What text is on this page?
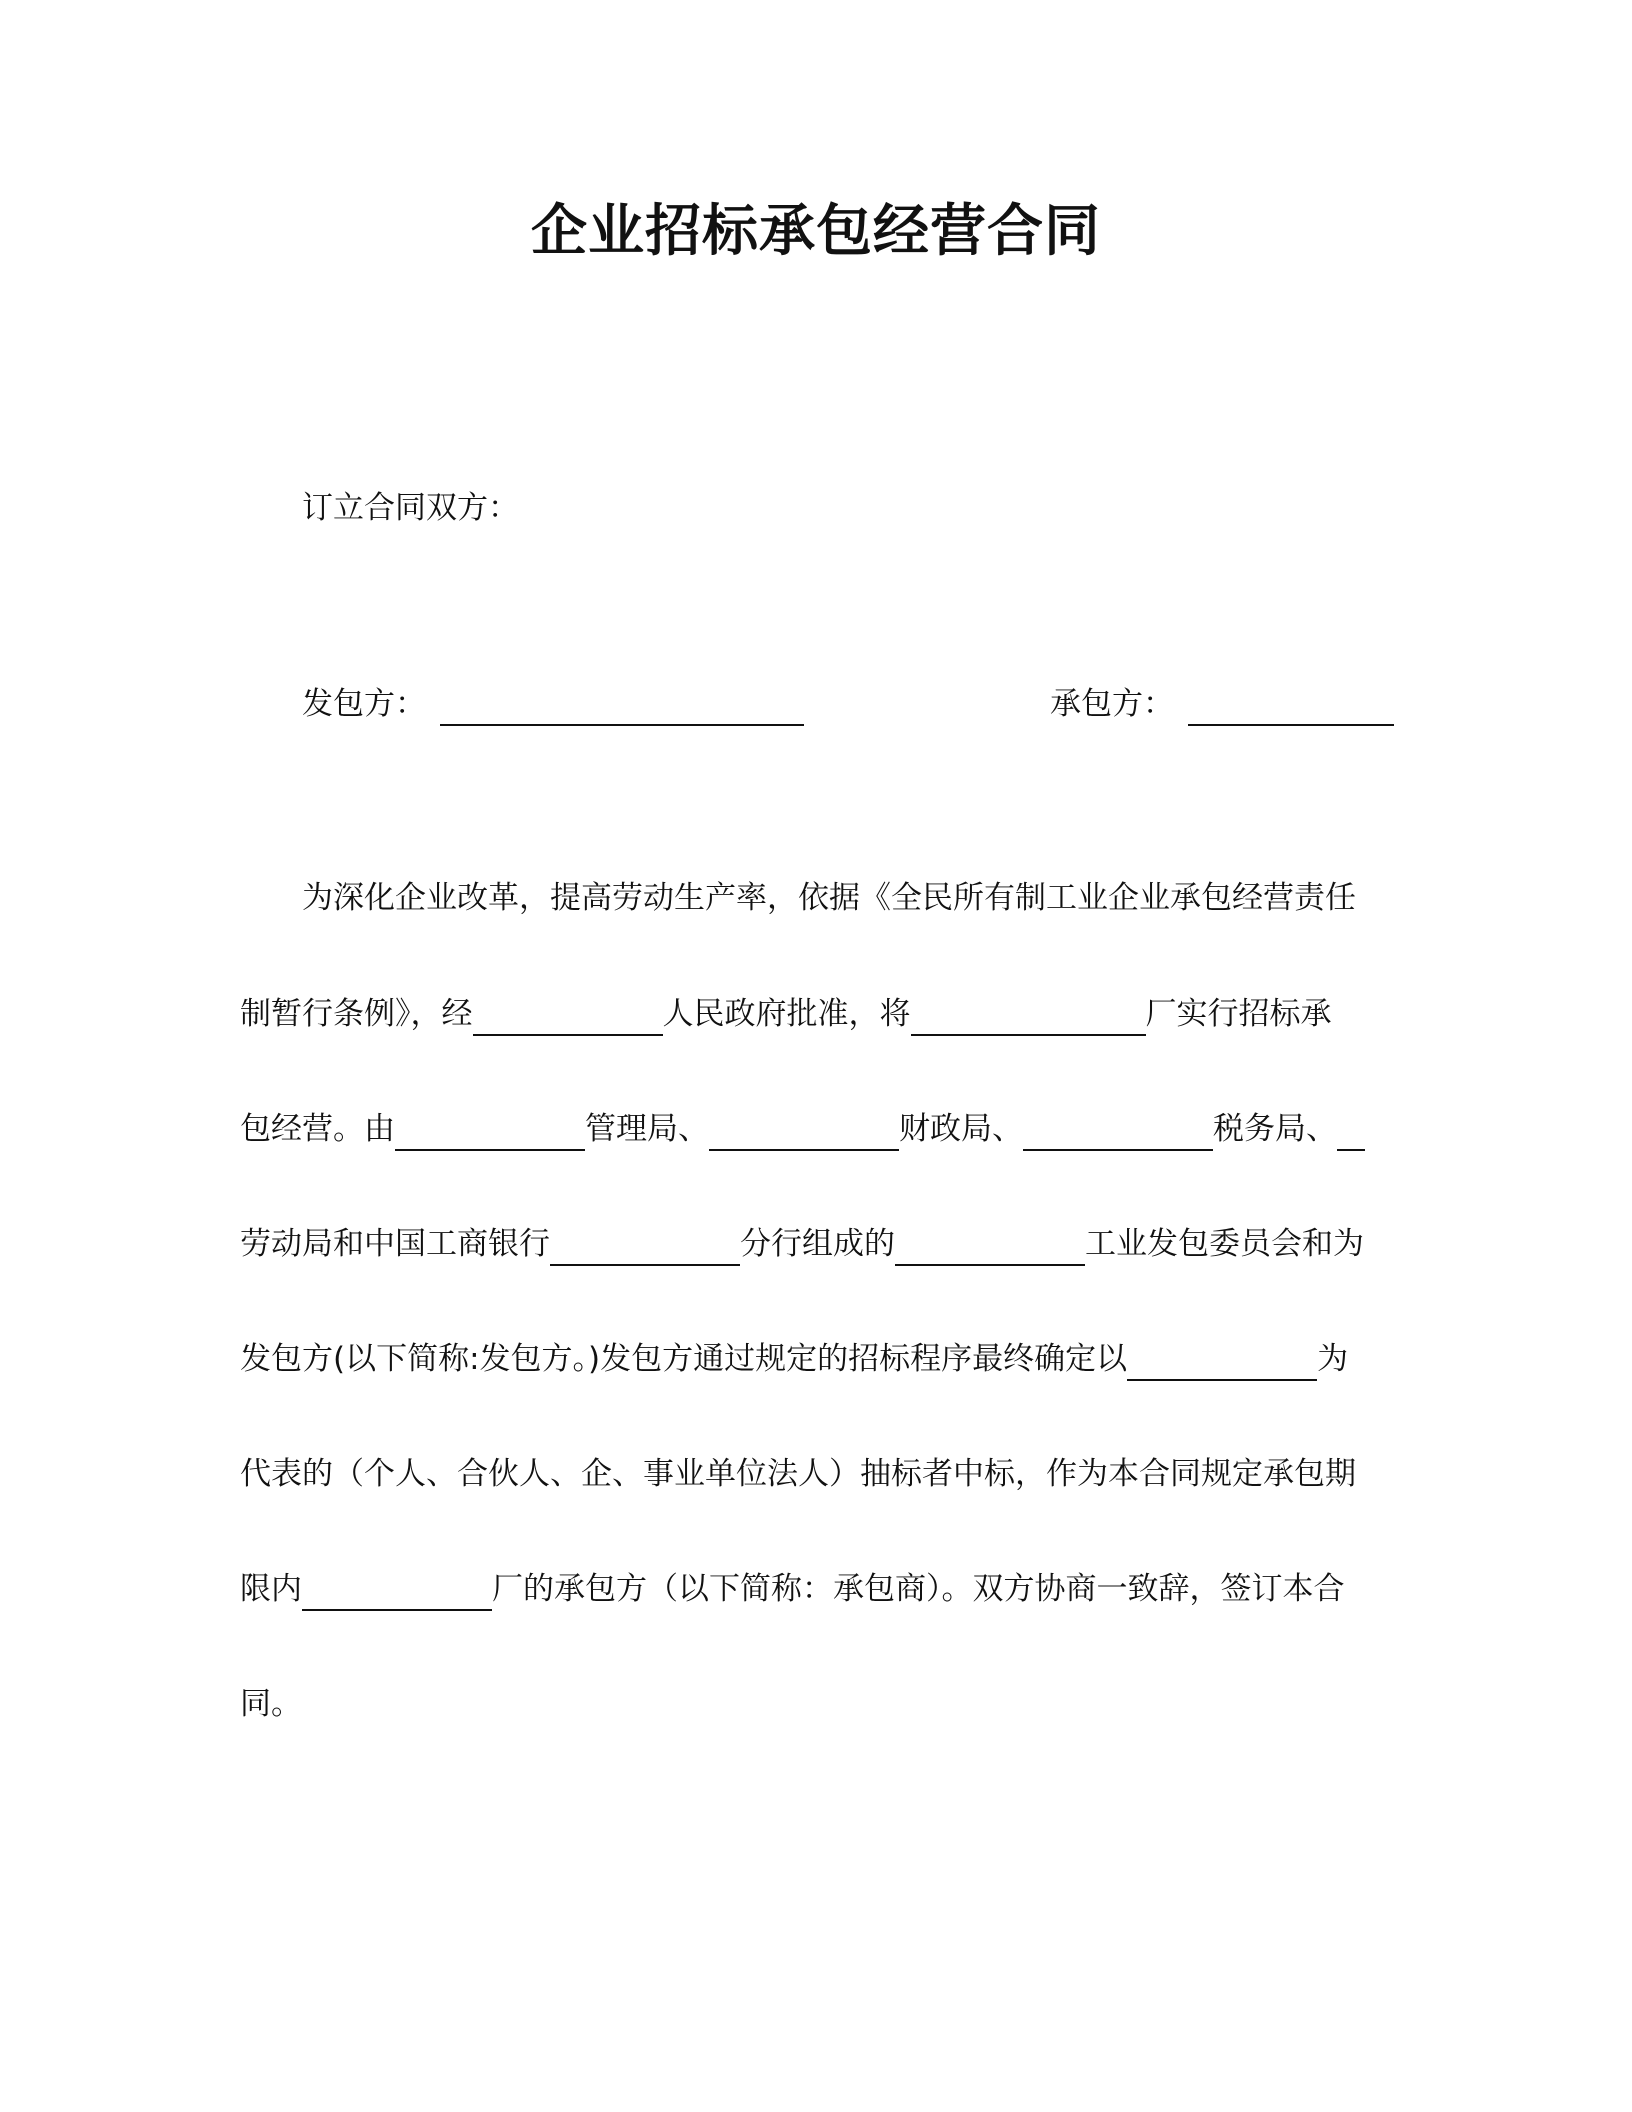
企业招标承包经营合同
订立合同双方：
发包方：	承包方：
为深化企业改革，提高劳动生产率，依据《全民所有制工业企业承包经营责任
制暂行条例》，经	人民政府批准，将	厂实行招标承
包经营。由	管理局、	财政局、	税务局、
劳动局和中国工商银行	分行组成的	工业发包委员会和为
发包方(以下简称:发包方。)发包方通过规定的招标程序最终确定以	为
代表的（个人、合伙人、企、事业单位法人）抽标者中标，作为本合同规定承包期
限内	厂的承包方（以下简称：承包商）。双方协商一致辞，签订本合
同。
